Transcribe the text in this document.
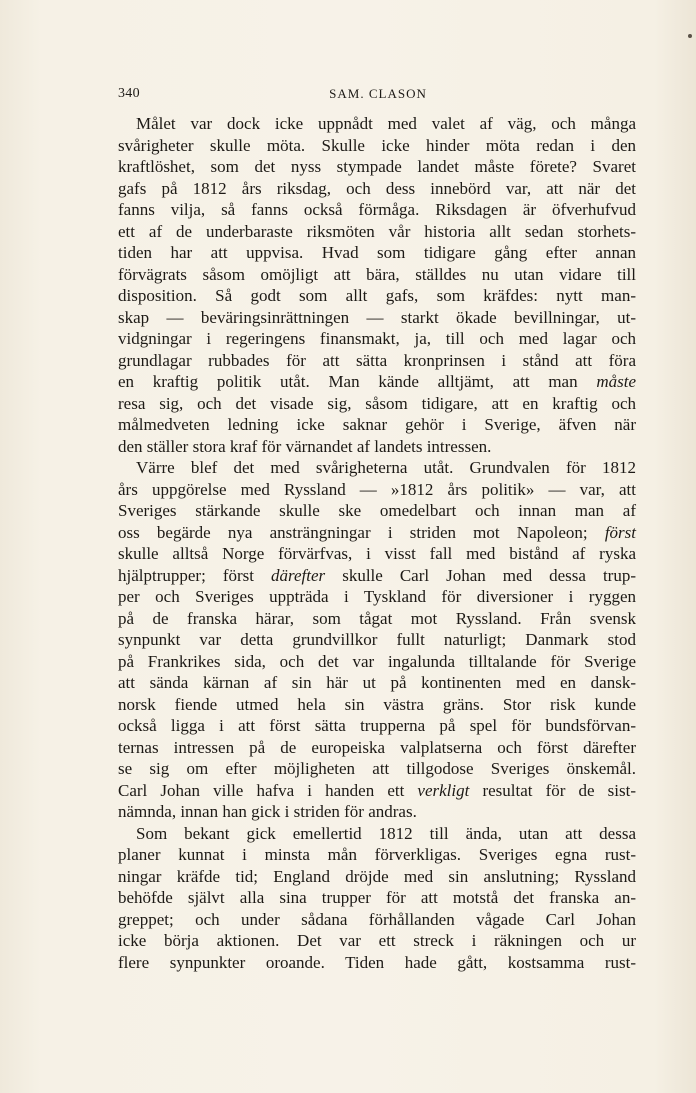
340	SAM. CLASON
Målet var dock icke uppnådt med valet af väg, och många
svårigheter skulle möta. Skulle icke hinder möta redan i den
kraftlöshet, som det nyss stympade landet måste förete? Svaret
gafs på 1812 års riksdag, och dess innebörd var, att när det
fanns vilja, så fanns också förmåga. Riksdagen är öfverhufvud
ett af de underbaraste riksmöten vår historia allt sedan storhets-
tiden har att uppvisa. Hvad som tidigare gång efter annan
förvägrats såsom omöjligt att bära, ställdes nu utan vidare till
disposition. Så godt som allt gafs, som kräfdes: nytt man-
skap — beväringsinrättningen — starkt ökade bevillningar, ut-
vidgningar i regeringens finansmakt, ja, till och med lagar och
grundlagar rubbades för att sätta kronprinsen i stånd att föra
en kraftig politik utåt. Man kände alltjämt, att man måste
resa sig, och det visade sig, såsom tidigare, att en kraftig och
målmedveten ledning icke saknar gehör i Sverige, äfven när
den ställer stora kraf för värnandet af landets intressen.
Värre blef det med svårigheterna utåt. Grundvalen för 1812
års uppgörelse med Ryssland — »1812 års politik» — var, att
Sveriges stärkande skulle ske omedelbart och innan man af
oss begärde nya ansträngningar i striden mot Napoleon; först
skulle alltså Norge förvärfvas, i visst fall med bistånd af ryska
hjälptrupper; först därefter skulle Carl Johan med dessa trup-
per och Sveriges uppträda i Tyskland för diversioner i ryggen
på de franska härar, som tågat mot Ryssland. Från svensk
synpunkt var detta grundvillkor fullt naturligt; Danmark stod
på Frankrikes sida, och det var ingalunda tilltalande för Sverige
att sända kärnan af sin här ut på kontinenten med en dansk-
norsk fiende utmed hela sin västra gräns. Stor risk kunde
också ligga i att först sätta trupperna på spel för bundsförvan-
ternas intressen på de europeiska valplatserna och först därefter
se sig om efter möjligheten att tillgodose Sveriges önskemål.
Carl Johan ville hafva i handen ett verkligt resultat för de sist-
nämnda, innan han gick i striden för andras.
Som bekant gick emellertid 1812 till ända, utan att dessa
planer kunnat i minsta mån förverkligas. Sveriges egna rust-
ningar kräfde tid; England dröjde med sin anslutning; Ryssland
behöfde självt alla sina trupper för att motstå det franska an-
greppet; och under sådana förhållanden vågade Carl Johan
icke börja aktionen. Det var ett streck i räkningen och ur
flere synpunkter oroande. Tiden hade gått, kostsamma rust-
